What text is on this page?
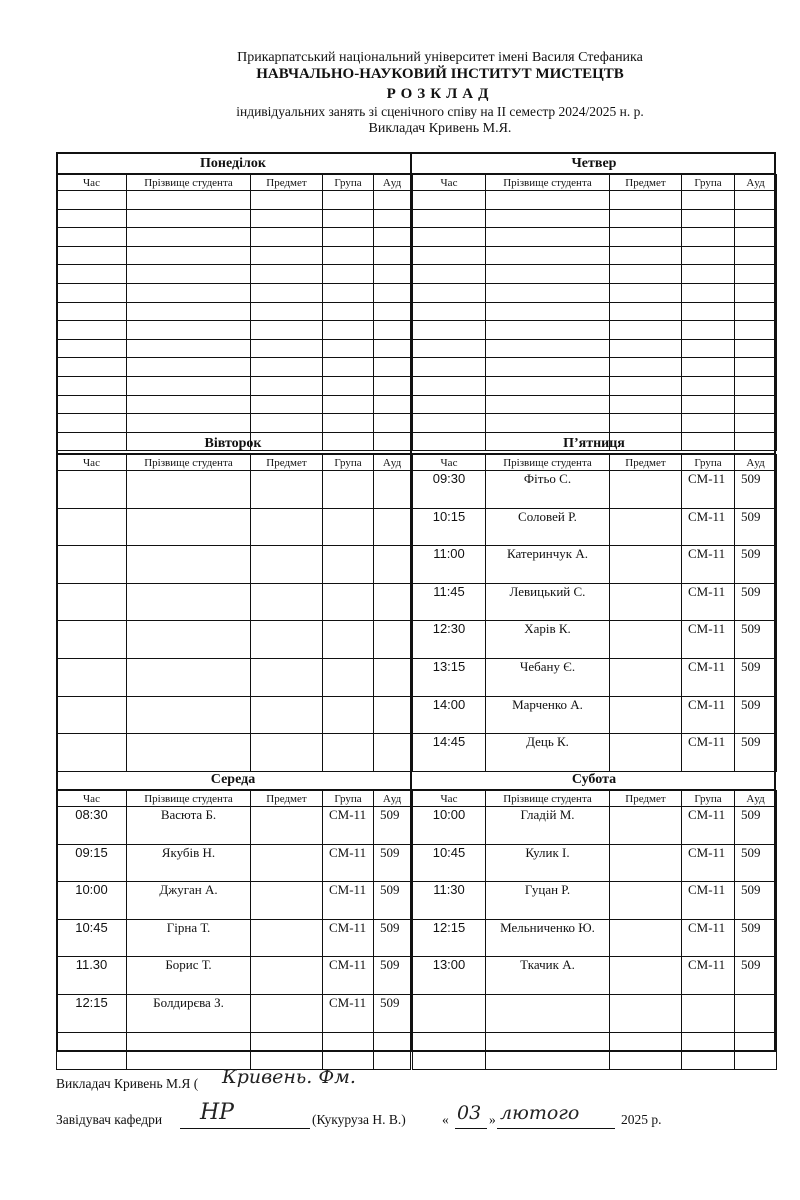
Прикарпатський національний університет імені Василя Стефаника
НАВЧАЛЬНО-НАУКОВИЙ ІНСТИТУТ МИСТЕЦТВ
РОЗКЛАД
індивідуальних занять зі сценічного співу на ІІ семестр 2024/2025 н. р.
Викладач Кривень М.Я.
Понеділок
Час	Прізвище студента	Предмет	Група	Aуд

Четвер
Час	Прізвище студента	Предмет	Група	Aуд

Вівторок
Час	Прізвище студента	Предмет	Група	Aуд

П’ятниця
Час	Прізвище студента	Предмет	Група	Aуд
09:30	Фітьо С.		СМ-11	509
10:15	Соловей Р.		СМ-11	509
11:00	Катеринчук А.		СМ-11	509
11:45	Левицький С.		СМ-11	509
12:30	Харів К.		СМ-11	509
13:15	Чебану Є.		СМ-11	509
14:00	Марченко А.		СМ-11	509
14:45	Дець К.		СМ-11	509
Середа
Час	Прізвище студента	Предмет	Група	Aуд
08:30	Васюта Б.		СМ-11	509
09:15	Якубів Н.		СМ-11	509
10:00	Джуган А.		СМ-11	509
10:45	Гірна Т.		СМ-11	509
11.30	Борис Т.		СМ-11	509
12:15	Болдирєва З.		СМ-11	509

Субота
Час	Прізвище студента	Предмет	Група	Aуд
10:00	Гладій М.		СМ-11	509
10:45	Кулик І.		СМ-11	509
11:30	Гуцан Р.		СМ-11	509
12:15	Мельниченко Ю.		СМ-11	509
13:00	Ткачик А.		СМ-11	509

Викладач Кривень М.Я ( Кривень. Фм.
Завідувач кафедри НР	(Кукуруза Н. В.)	« 03 » лютого	2025 р.
